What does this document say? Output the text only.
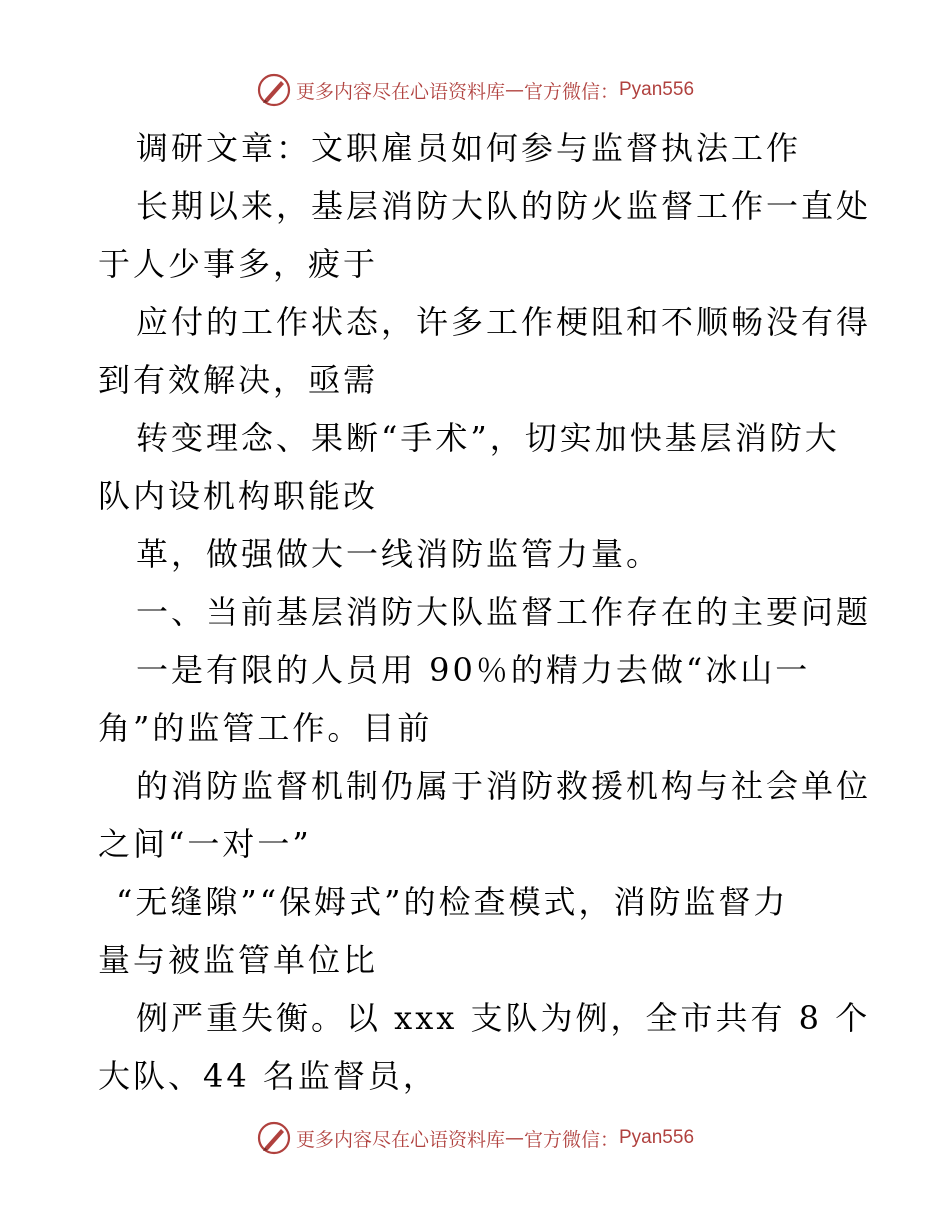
更多内容尽在心语资料库 — 官方微信： Pyan556
调研文章：文职雇员如何参与监督执法工作
长期以来，基层消防大队的防火监督工作一直处
于人少事多，疲于
应付的工作状态，许多工作梗阻和不顺畅没有得
到有效解决，亟需
转变理念、果断“手术”，切实加快基层消防大
队内设机构职能改
革，做强做大一线消防监管力量。
一、当前基层消防大队监督工作存在的主要问题
一是有限的人员用 90％的精力去做“冰山一
角”的监管工作。目前
的消防监督机制仍属于消防救援机构与社会单位
之间“一对一”
“无缝隙”“保姆式”的检查模式，消防监督力
量与被监管单位比
例严重失衡。以 xxx 支队为例，全市共有 8 个
大队、44 名监督员，
更多内容尽在心语资料库 — 官方微信： Pyan556
